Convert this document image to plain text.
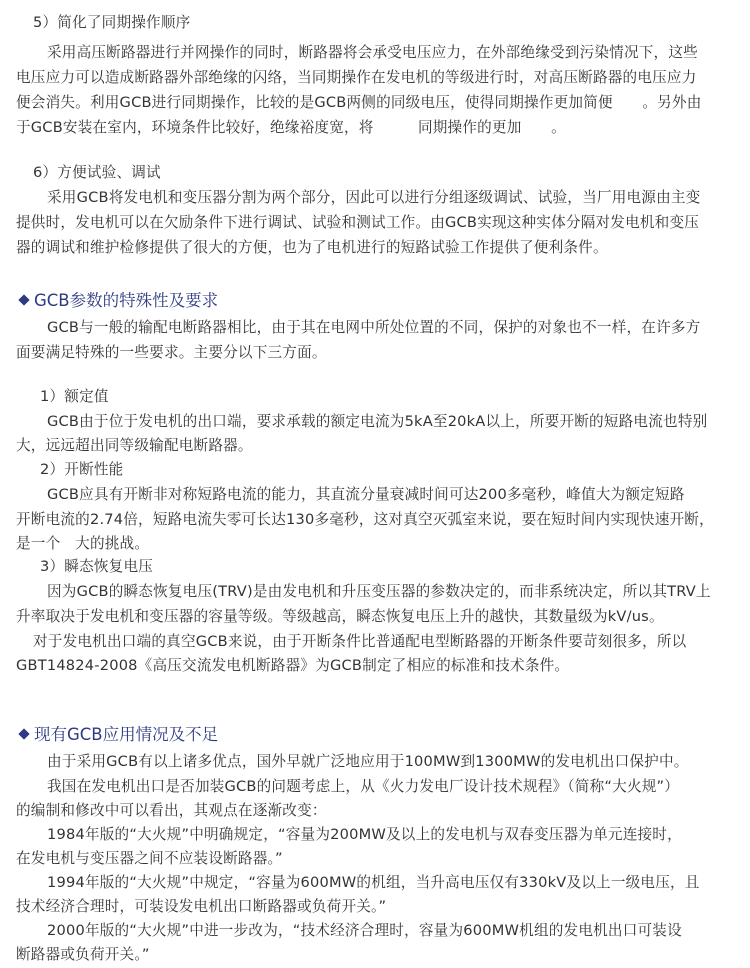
5）简化了同期操作顺序
采用高压断路器进行并网操作的同时，断路器将会承受电压应力，在外部绝缘受到污染情况下，这些
电压应力可以造成断路器外部绝缘的闪络，当同期操作在发电机的等级进行时，对高压断路器的电压应力
便会消失。利用GCB进行同期操作，比较的是GCB两侧的同级电压，使得同期操作更加简便　　。另外由
于GCB安装在室内，环境条件比较好，绝缘裕度宽，将　　　同期操作的更加　　。
6）方便试验、调试
采用GCB将发电机和变压器分割为两个部分，因此可以进行分组逐级调试、试验，当厂用电源由主变
提供时，发电机可以在欠励条件下进行调试、试验和测试工作。由GCB实现这种实体分隔对发电机和变压
器的调试和维护检修提供了很大的方便，也为了电机进行的短路试验工作提供了便利条件。
GCB参数的特殊性及要求
GCB与一般的输配电断路器相比，由于其在电网中所处位置的不同，保护的对象也不一样，在许多方
面要满足特殊的一些要求。主要分以下三方面。
1）额定值
GCB由于位于发电机的出口端，要求承载的额定电流为5kA至20kA以上，所要开断的短路电流也特别
大，远远超出同等级输配电断路器。
2）开断性能
GCB应具有开断非对称短路电流的能力，其直流分量衰减时间可达200多毫秒，峰值大为额定短路
开断电流的2.74倍，短路电流失零可长达130多毫秒，这对真空灭弧室来说，要在短时间内实现快速开断，
是一个　大的挑战。
3）瞬态恢复电压
因为GCB的瞬态恢复电压(TRV)是由发电机和升压变压器的参数决定的，而非系统决定，所以其TRV上
升率取决于发电机和变压器的容量等级。等级越高，瞬态恢复电压上升的越快，其数量级为kV/us。
对于发电机出口端的真空GCB来说，由于开断条件比普通配电型断路器的开断条件要苛刻很多，所以
GBT14824-2008《高压交流发电机断路器》为GCB制定了相应的标准和技术条件。
现有GCB应用情况及不足
由于采用GCB有以上诸多优点，国外早就广泛地应用于100MW到1300MW的发电机出口保护中。
我国在发电机出口是否加装GCB的问题考虑上，从《火力发电厂设计技术规程》（简称“大火规”）
的编制和修改中可以看出，其观点在逐渐改变：
1984年版的“大火规”中明确规定，“容量为200MW及以上的发电机与双春变压器为单元连接时，
在发电机与变压器之间不应装设断路器。”
1994年版的“大火规”中规定，“容量为600MW的机组，当升高电压仅有330kV及以上一级电压，且
技术经济合理时，可装设发电机出口断路器或负荷开关。”
2000年版的“大火规”中进一步改为，“技术经济合理时，容量为600MW机组的发电机出口可装设
断路器或负荷开关。”
